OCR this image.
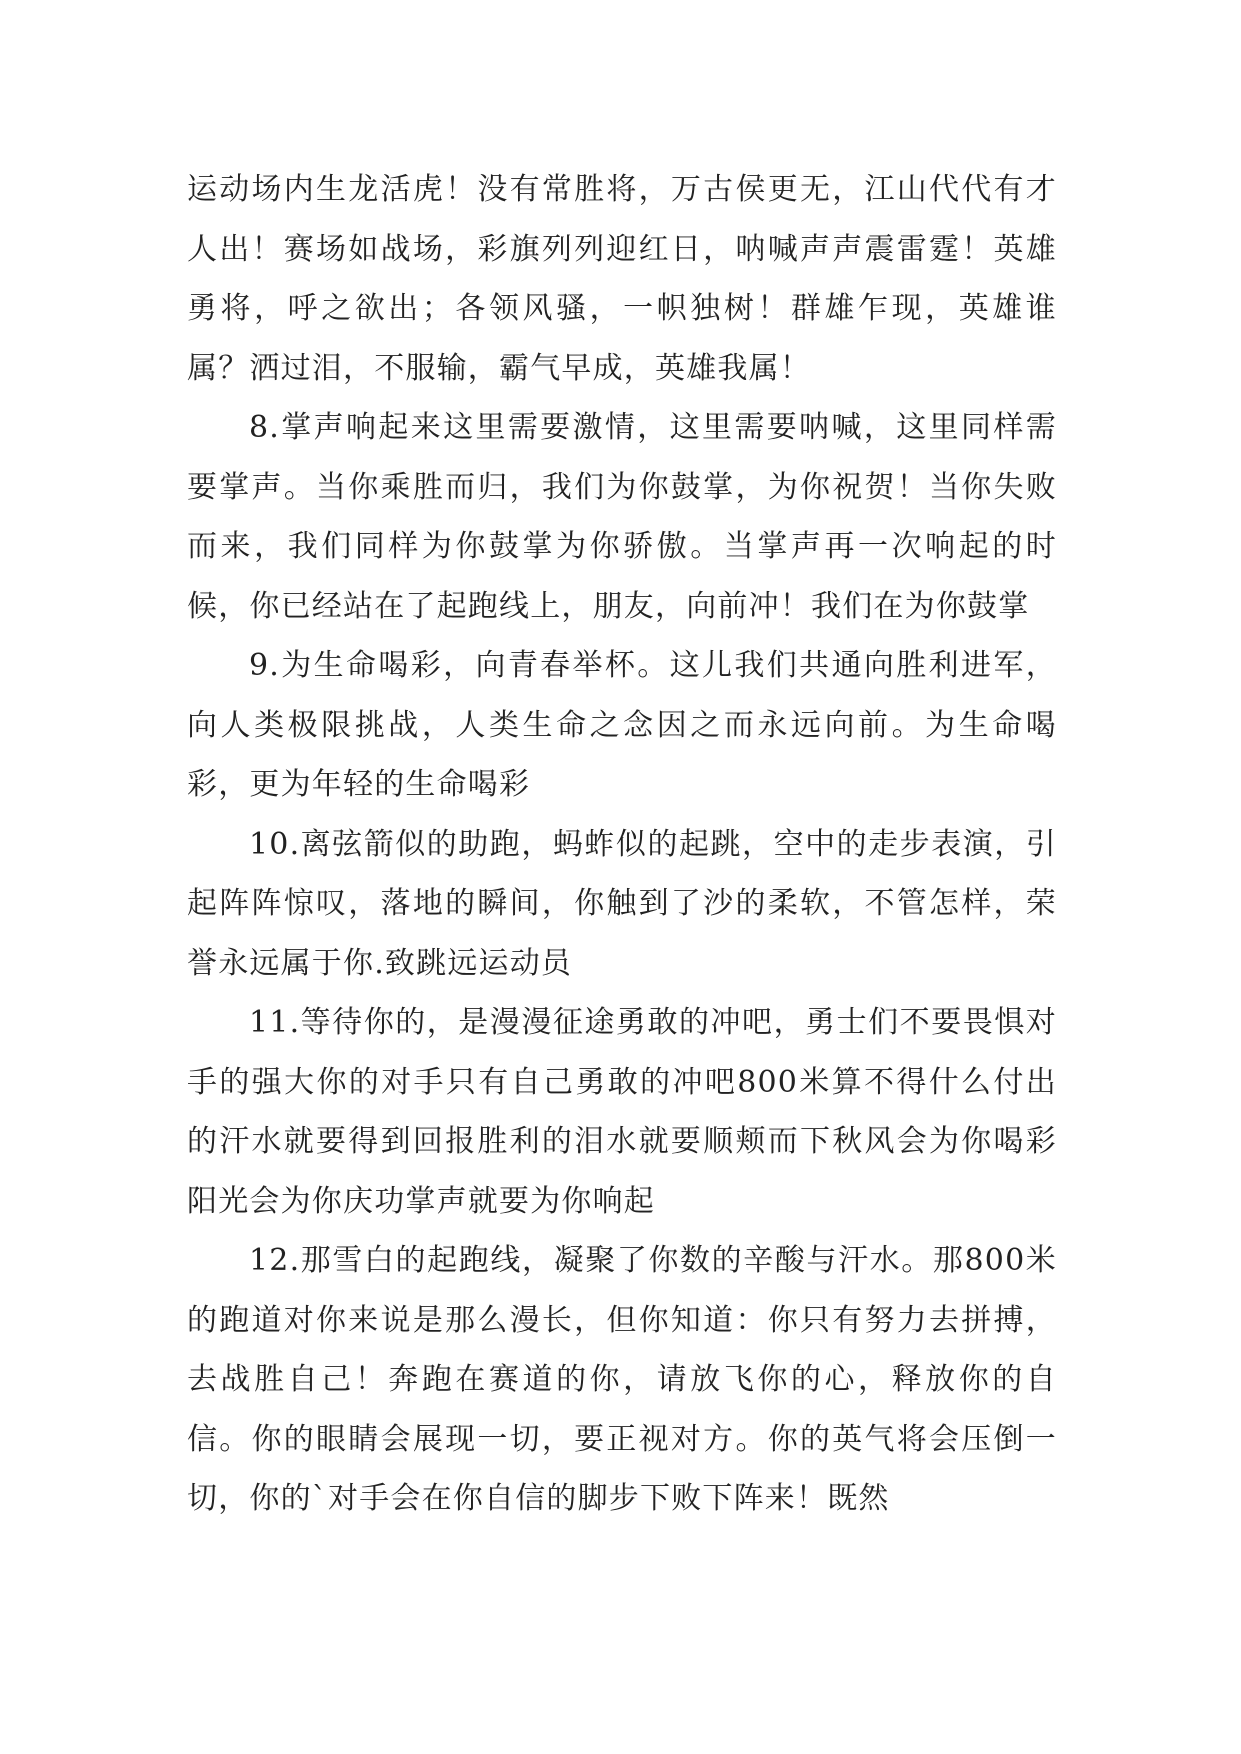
运动场内生龙活虎！没有常胜将，万古侯更无，江山代代有才人出！赛场如战场，彩旗列列迎红日，呐喊声声震雷霆！英雄勇将，呼之欲出；各领风骚，一帜独树！群雄乍现，英雄谁属？洒过泪，不服输，霸气早成，英雄我属！

8.掌声响起来这里需要激情，这里需要呐喊，这里同样需要掌声。当你乘胜而归，我们为你鼓掌，为你祝贺！当你失败而来，我们同样为你鼓掌为你骄傲。当掌声再一次响起的时候，你已经站在了起跑线上，朋友，向前冲！我们在为你鼓掌

9.为生命喝彩，向青春举杯。这儿我们共通向胜利进军，向人类极限挑战，人类生命之念因之而永远向前。为生命喝彩，更为年轻的生命喝彩

10.离弦箭似的助跑，蚂蚱似的起跳，空中的走步表演，引起阵阵惊叹，落地的瞬间，你触到了沙的柔软，不管怎样，荣誉永远属于你.致跳远运动员

11.等待你的，是漫漫征途勇敢的冲吧，勇士们不要畏惧对手的强大你的对手只有自己勇敢的冲吧800米算不得什么付出的汗水就要得到回报胜利的泪水就要顺颊而下秋风会为你喝彩阳光会为你庆功掌声就要为你响起

12.那雪白的起跑线，凝聚了你数的辛酸与汗水。那800米的跑道对你来说是那么漫长，但你知道：你只有努力去拼搏，去战胜自己！奔跑在赛道的你，请放飞你的心，释放你的自信。你的眼睛会展现一切，要正视对方。你的英气将会压倒一切，你的`对手会在你自信的脚步下败下阵来！既然
